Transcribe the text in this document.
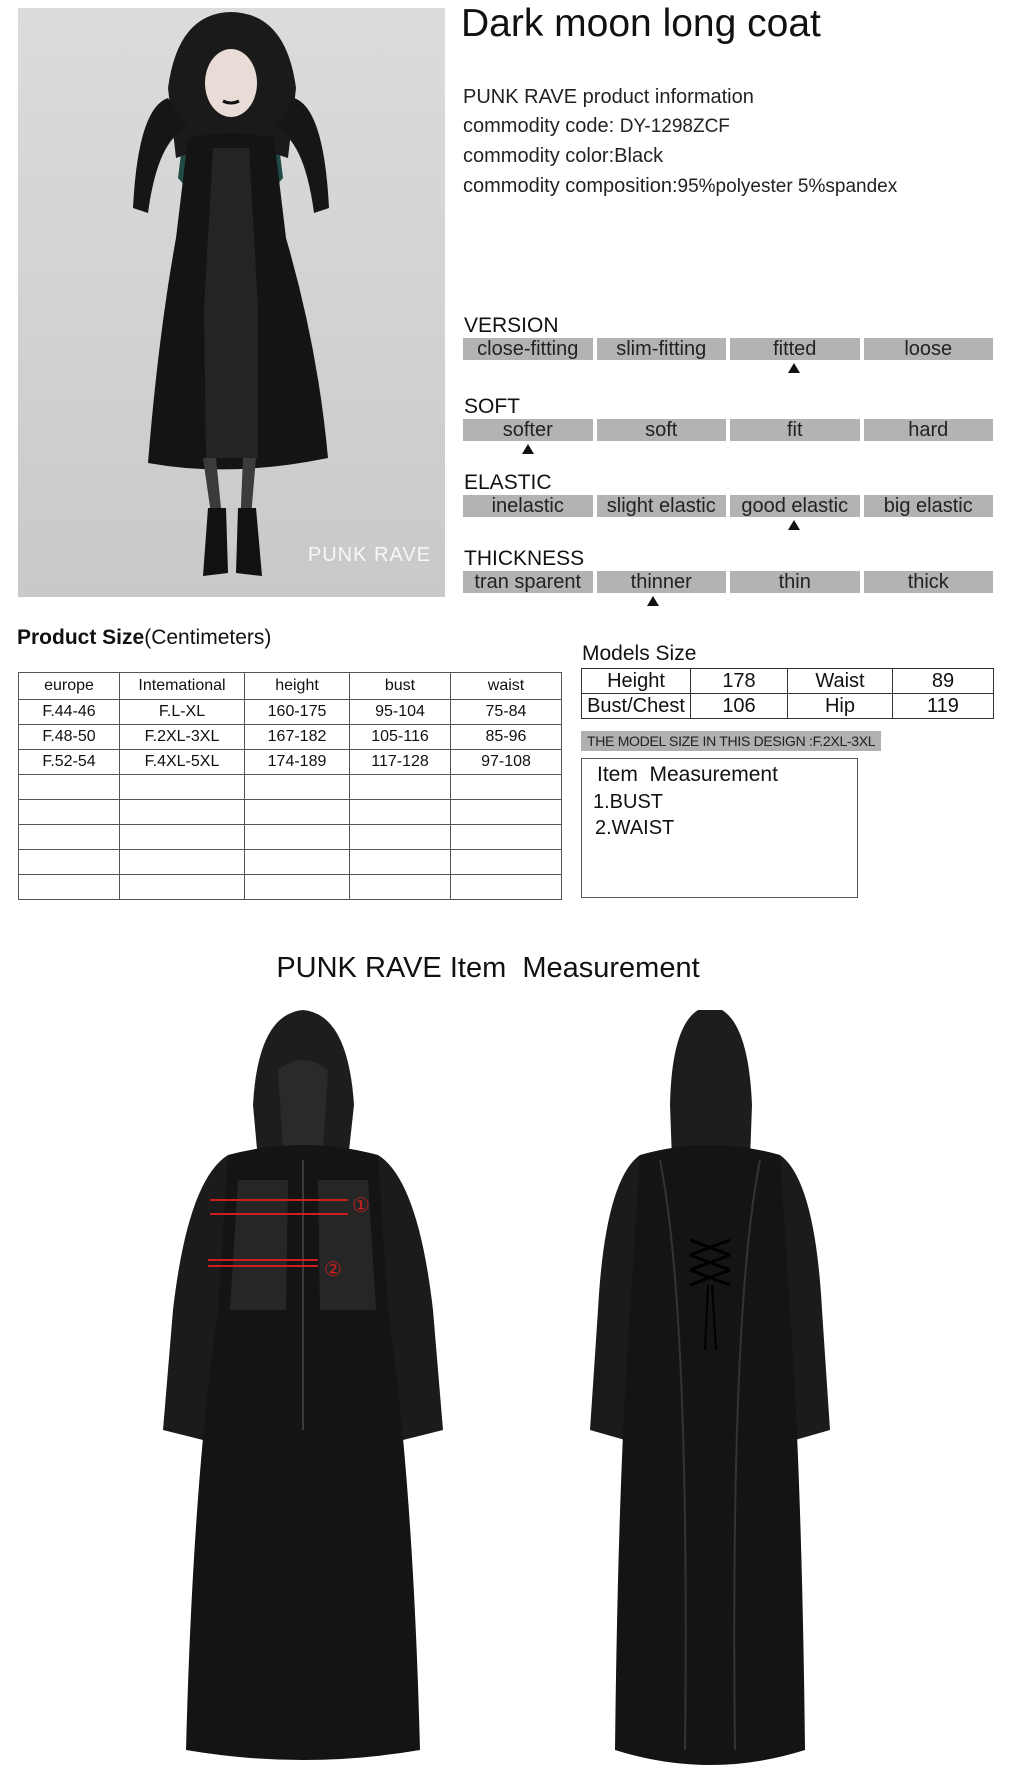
PUNK RAVE
Dark moon long coat
PUNK RAVE product information
commodity code: DY-1298ZCF
commodity color:Black
commodity composition:95%polyester 5%spandex
VERSION
close-fitting	slim-fitting	fitted	loose
SOFT
softer	soft	fit	hard
ELASTIC
inelastic	slight elastic	good elastic	big elastic
THICKNESS
tran sparent	thinner	thin	thick
Product Size(Centimeters)
europe	Intemational	height	bust	waist
F.44-46	F.L-XL	160-175	95-104	75-84
F.48-50	F.2XL-3XL	167-182	105-116	85-96
F.52-54	F.4XL-5XL	174-189	117-128	97-108

Models Size
Height	178	Waist	89
Bust/Chest	106	Hip	119
THE MODEL SIZE IN THIS DESIGN :F.2XL-3XL
Item  Measurement
1.BUST
2.WAIST
PUNK RAVE Item  Measurement
①
②
